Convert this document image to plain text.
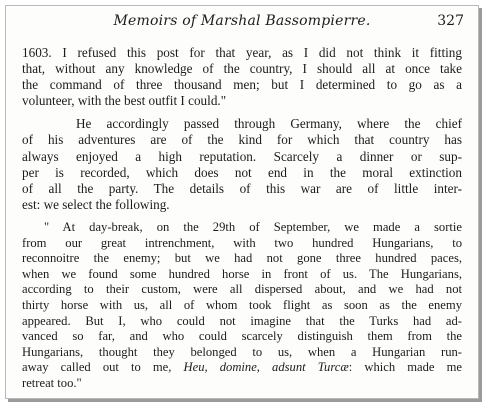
Memoirs of Marshal Bassompierre.	327

1603. I refused this post for that year, as I did not think it fitting
that, without any knowledge of the country, I should all at once take
the command of three thousand men; but I determined to go as a
volunteer, with the best outfit I could."

He accordingly passed through Germany, where the chief
of his adventures are of the kind for which that country has
always enjoyed a high reputation. Scarcely a dinner or sup-
per is recorded, which does not end in the moral extinction
of all the party. The details of this war are of little inter-
est: we select the following.

" At day-break, on the 29th of September, we made a sortie
from our great intrenchment, with two hundred Hungarians, to
reconnoitre the enemy; but we had not gone three hundred paces,
when we found some hundred horse in front of us. The Hungarians,
according to their custom, were all dispersed about, and we had not
thirty horse with us, all of whom took flight as soon as the enemy
appeared. But I, who could not imagine that the Turks had ad-
vanced so far, and who could scarcely distinguish them from the
Hungarians, thought they belonged to us, when a Hungarian run-
away called out to me, Heu, domine, adsunt Turcæ: which made me
retreat too."
